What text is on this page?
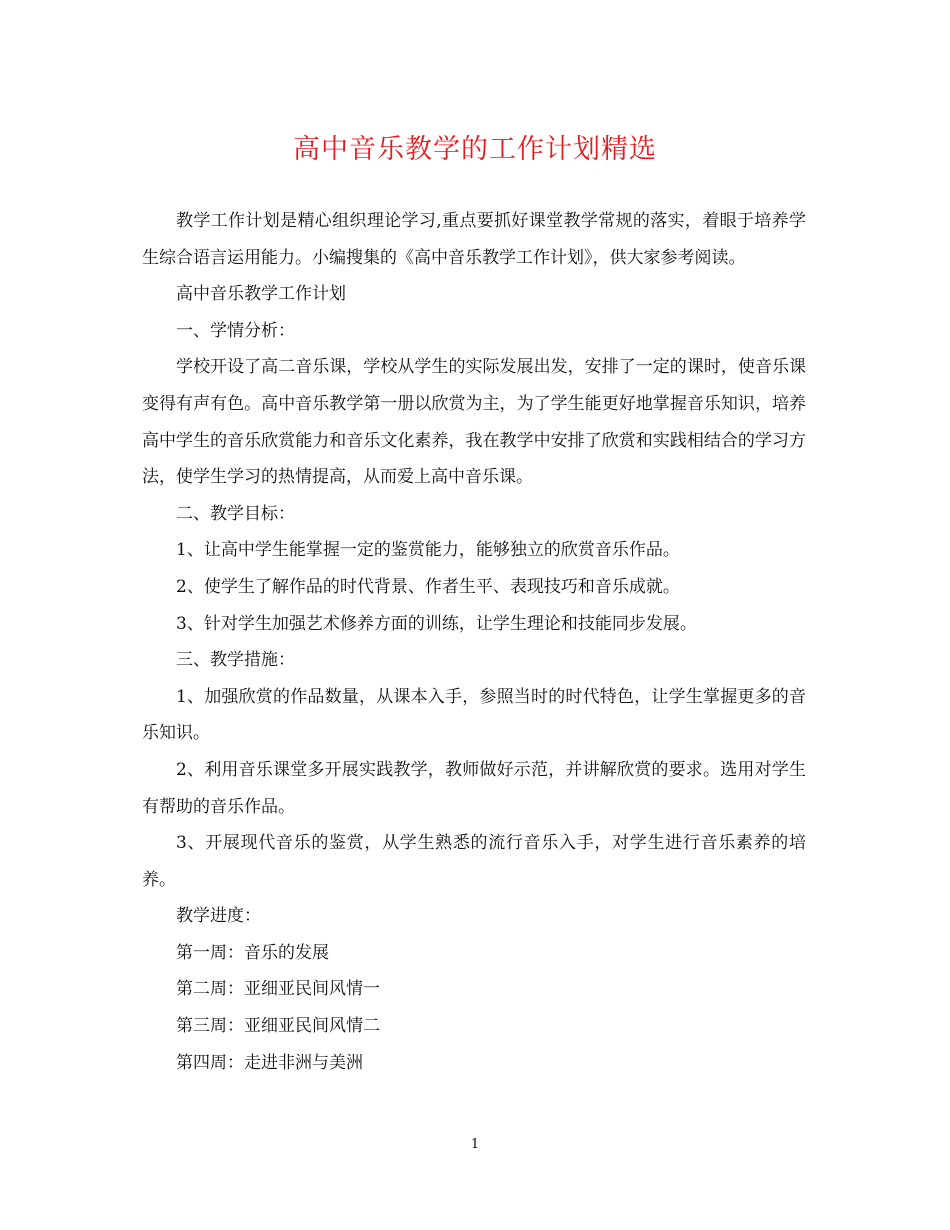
高中音乐教学的工作计划精选

教学工作计划是精心组织理论学习,重点要抓好课堂教学常规的落实，着眼于培养学生综合语言运用能力。小编搜集的《高中音乐教学工作计划》，供大家参考阅读。

高中音乐教学工作计划

一、学情分析：

学校开设了高二音乐课，学校从学生的实际发展出发，安排了一定的课时，使音乐课变得有声有色。高中音乐教学第一册以欣赏为主，为了学生能更好地掌握音乐知识，培养高中学生的音乐欣赏能力和音乐文化素养，我在教学中安排了欣赏和实践相结合的学习方法，使学生学习的热情提高，从而爱上高中音乐课。

二、教学目标：

1、让高中学生能掌握一定的鉴赏能力，能够独立的欣赏音乐作品。

2、使学生了解作品的时代背景、作者生平、表现技巧和音乐成就。

3、针对学生加强艺术修养方面的训练，让学生理论和技能同步发展。

三、教学措施：

1、加强欣赏的作品数量，从课本入手，参照当时的时代特色，让学生掌握更多的音乐知识。

2、利用音乐课堂多开展实践教学，教师做好示范，并讲解欣赏的要求。选用对学生有帮助的音乐作品。

3、开展现代音乐的鉴赏，从学生熟悉的流行音乐入手，对学生进行音乐素养的培养。

教学进度：

第一周：音乐的发展

第二周：亚细亚民间风情一

第三周：亚细亚民间风情二

第四周：走进非洲与美洲

1
